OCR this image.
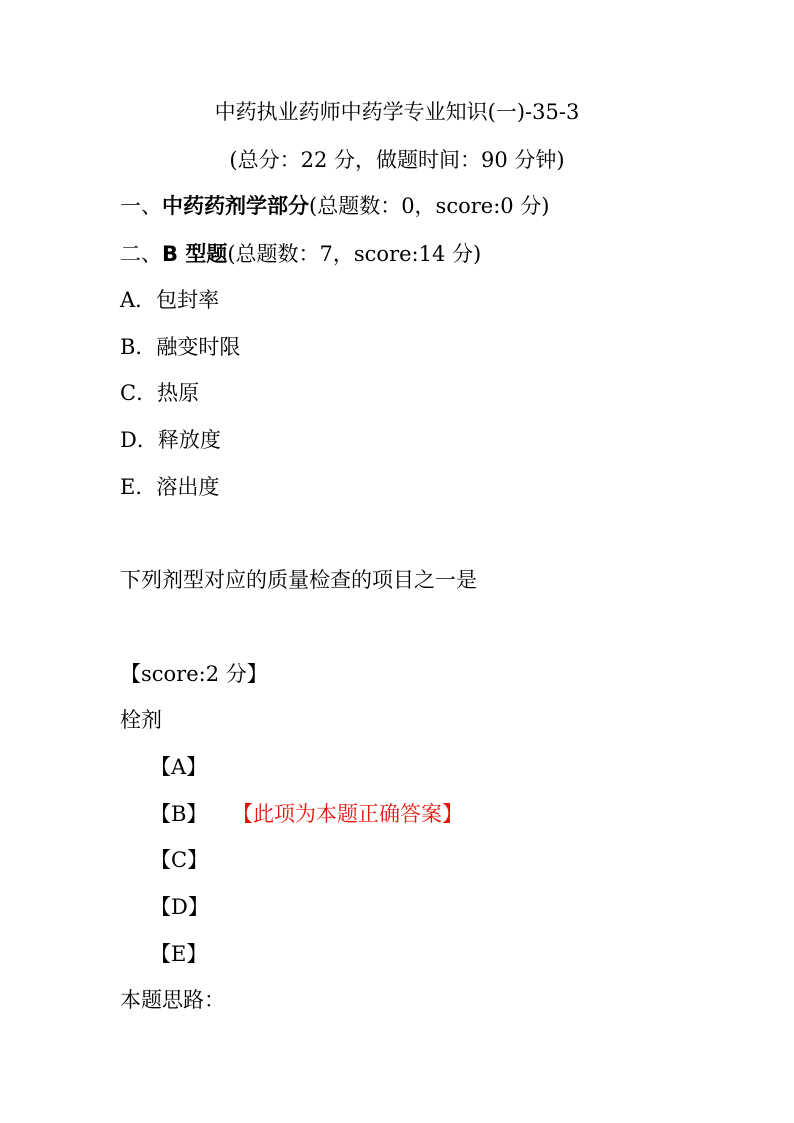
中药执业药师中药学专业知识(一)-35-3
(总分：22 分，做题时间：90 分钟)
一、中药药剂学部分(总题数：0，score:0 分)
二、B 型题(总题数：7，score:14 分)
A．包封率
B．融变时限
C．热原
D．释放度
E．溶出度
下列剂型对应的质量检查的项目之一是
【score:2 分】
栓剂
【A】
【B】 【此项为本题正确答案】
【C】
【D】
【E】
本题思路：
